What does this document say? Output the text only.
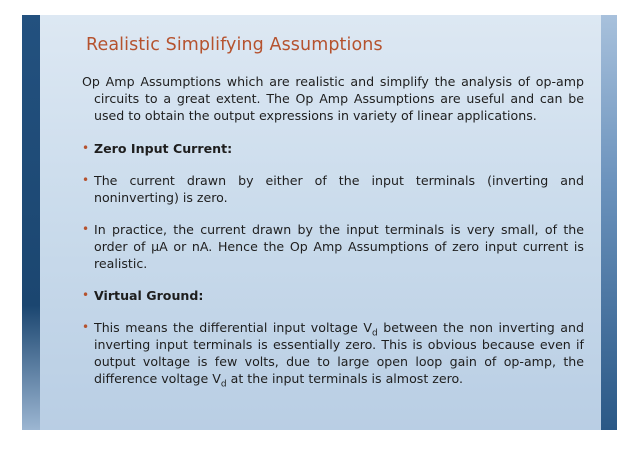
Realistic Simplifying Assumptions

Op Amp Assumptions which are realistic and simplify the analysis of op-amp circuits to a great extent. The Op Amp Assumptions are useful and can be used to obtain the output expressions in variety of linear applications.

• Zero Input Current:
• The current drawn by either of the input terminals (inverting and noninverting) is zero.
• In practice, the current drawn by the input terminals is very small, of the order of µA or nA. Hence the Op Amp Assumptions of zero input current is realistic.
• Virtual Ground:
• This means the differential input voltage $V_d$ between the non inverting and inverting input terminals is essentially zero. This is obvious because even if output voltage is few volts, due to large open loop gain of op-amp, the difference voltage $V_d$ at the input terminals is almost zero.
